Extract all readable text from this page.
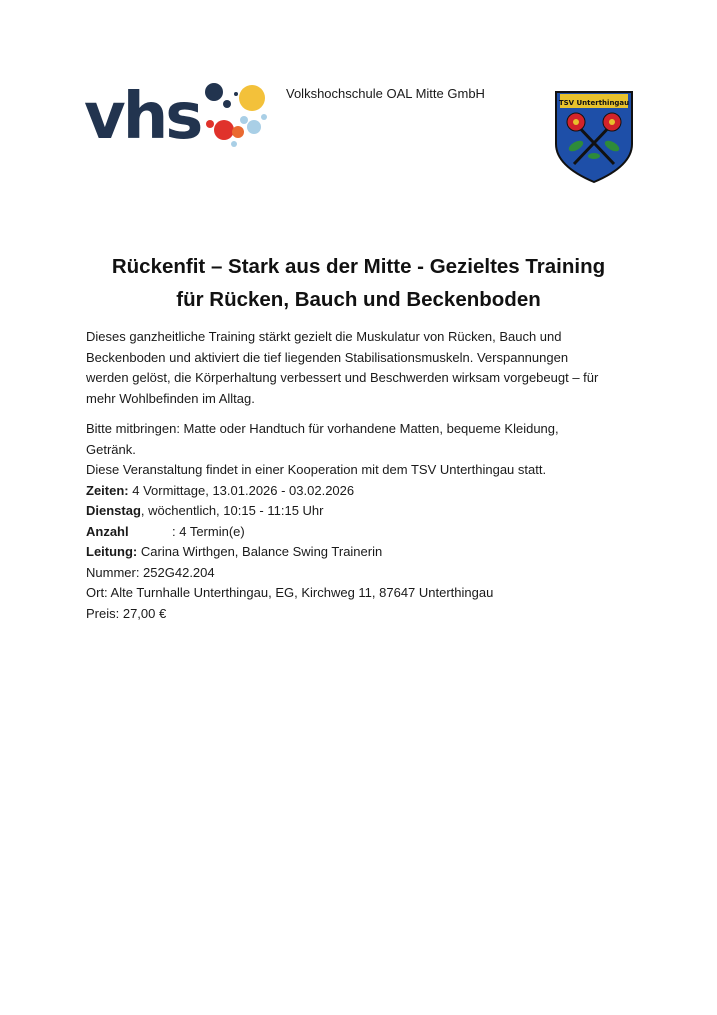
vhs	Volkshochschule OAL Mitte GmbH
TSV Unterthingau
Rückenfit – Stark aus der Mitte - Gezieltes Training
für Rücken, Bauch und Beckenboden
Dieses ganzheitliche Training stärkt gezielt die Muskulatur von Rücken, Bauch und
Beckenboden und aktiviert die tief liegenden Stabilisationsmuskeln. Verspannungen
werden gelöst, die Körperhaltung verbessert und Beschwerden wirksam vorgebeugt – für
mehr Wohlbefinden im Alltag.
Bitte mitbringen: Matte oder Handtuch für vorhandene Matten, bequeme Kleidung,
Getränk.
Diese Veranstaltung findet in einer Kooperation mit dem TSV Unterthingau statt.
Zeiten: 4 Vormittage, 13.01.2026 - 03.02.2026
Dienstag, wöchentlich, 10:15 - 11:15 Uhr
Anzahl	: 4 Termin(e)
Leitung: Carina Wirthgen, Balance Swing Trainerin
Nummer: 252G42.204
Ort: Alte Turnhalle Unterthingau, EG, Kirchweg 11, 87647 Unterthingau
Preis: 27,00 €
